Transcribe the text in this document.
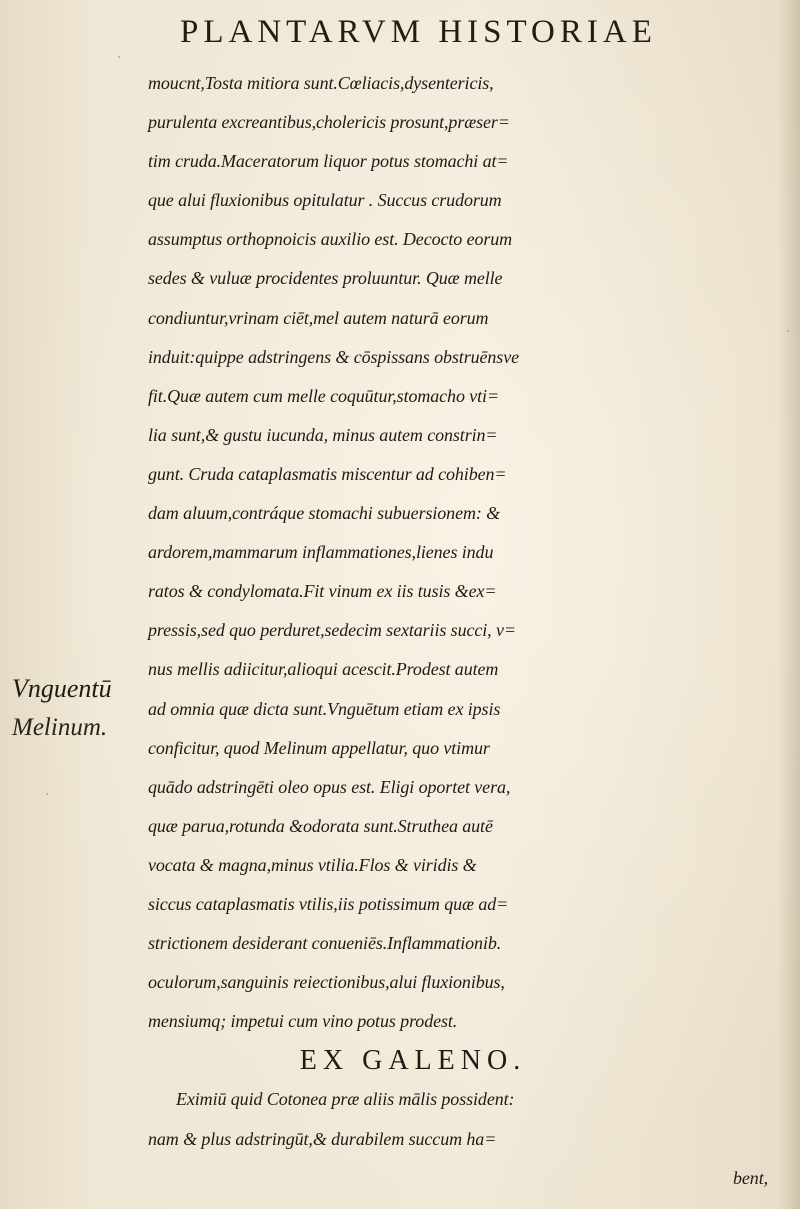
PLANTARVM HISTORIAE
Vnguentū
Melinum.
moucnt,Tosta mitiora sunt.Cœliacis,dysentericis,
purulenta excreantibus,cholericis prosunt,præser=
tim cruda.Maceratorum liquor potus stomachi at=
que alui fluxionibus opitulatur . Succus crudorum
assumptus orthopnoicis auxilio est. Decocto eorum
sedes & vuluæ procidentes proluuntur. Quæ melle
condiuntur,vrinam ciēt,mel autem naturā eorum
induit:quippe adstringens & cōspissans obstruēnsve
fit.Quæ autem cum melle coquūtur,stomacho vti=
lia sunt,& gustu iucunda, minus autem constrin=
gunt. Cruda cataplasmatis miscentur ad cohiben=
dam aluum,contráque stomachi subuersionem: &
ardorem,mammarum inflammationes,lienes indu
ratos & condylomata.Fit vinum ex iis tusis &ex=
pressis,sed quo perduret,sedecim sextariis succi, v=
nus mellis adiicitur,alioqui acescit.Prodest autem
ad omnia quæ dicta sunt.Vnguētum etiam ex ipsis
conficitur, quod Melinum appellatur, quo vtimur
quādo adstringēti oleo opus est. Eligi oportet vera,
quæ parua,rotunda &odorata sunt.Struthea autē
vocata & magna,minus vtilia.Flos & viridis &
siccus cataplasmatis vtilis,iis potissimum quæ ad=
strictionem desiderant conueniēs.Inflammationib.
oculorum,sanguinis reiectionibus,alui fluxionibus,
mensiumq; impetui cum vino potus prodest.
EX GALENO.
Eximiū quid Cotonea præ aliis mālis possident:
nam & plus adstringūt,& durabilem succum ha=
bent,
